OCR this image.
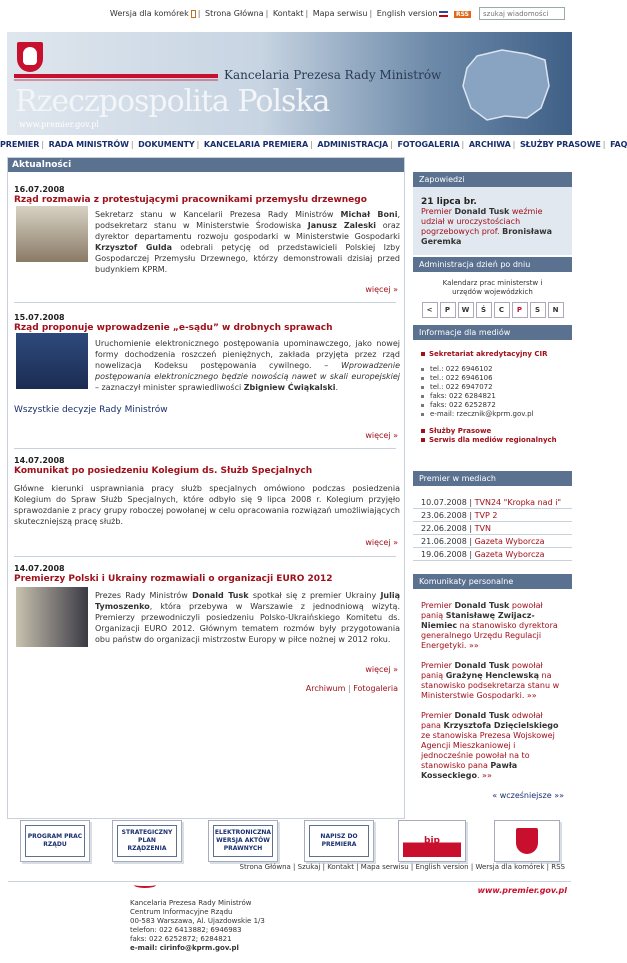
Wersja dla komórek | Strona Główna | Kontakt | Mapa serwisu | English version	RSS
szukaj wiadomości
Kancelaria Prezesa Rady Ministrów
Rzeczpospolita Polska
www.premier.gov.pl
PREMIER | RADA MINISTRÓW | DOKUMENTY | KANCELARIA PREMIERA | ADMINISTRACJA | FOTOGALERIA | ARCHIWA | SŁUŻBY PRASOWE | FAQ
Aktualności
16.07.2008
Rząd rozmawia z protestującymi pracownikami przemysłu drzewnego
Sekretarz stanu w Kancelarii Prezesa Rady Ministrów Michał Boni, podsekretarz stanu w Ministerstwie Środowiska Janusz Zaleski oraz dyrektor departamentu rozwoju gospodarki w Ministerstwie Gospodarki Krzysztof Gulda odebrali petycję od przedstawicieli Polskiej Izby Gospodarczej Przemysłu Drzewnego, którzy demonstrowali dzisiaj przed budynkiem KPRM.
więcej »
15.07.2008
Rząd proponuje wprowadzenie „e-sądu” w drobnych sprawach
Uruchomienie elektronicznego postępowania upominawczego, jako nowej formy dochodzenia roszczeń pieniężnych, zakłada przyjęta przez rząd nowelizacja Kodeksu postępowania cywilnego. – Wprowadzenie postępowania elektronicznego będzie nowością nawet w skali europejskiej – zaznaczył minister sprawiedliwości Zbigniew Ćwiąkalski.
Wszystkie decyzje Rady Ministrów
więcej »
14.07.2008
Komunikat po posiedzeniu Kolegium ds. Służb Specjalnych
Główne kierunki usprawniania pracy służb specjalnych omówiono podczas posiedzenia Kolegium do Spraw Służb Specjalnych, które odbyło się 9 lipca 2008 r. Kolegium przyjęło sprawozdanie z pracy grupy roboczej powołanej w celu opracowania rozwiązań umożliwiających skuteczniejszą pracę służb.
więcej »
14.07.2008
Premierzy Polski i Ukrainy rozmawiali o organizacji EURO 2012
Prezes Rady Ministrów Donald Tusk spotkał się z premier Ukrainy Julią Tymoszenko, która przebywa w Warszawie z jednodniową wizytą. Premierzy przewodniczyli posiedzeniu Polsko-Ukraińskiego Komitetu ds. Organizacji EURO 2012. Głównym tematem rozmów były przygotowania obu państw do organizacji mistrzostw Europy w piłce nożnej w 2012 roku.
więcej »
Archiwum | Fotogaleria
Zapowiedzi
21 lipca br.
Premier Donald Tusk weźmie udział w uroczystościach pogrzebowych prof. Bronisława Geremka
Administracja dzień po dniu
Kalendarz prac ministerstw i urzędów wojewódzkich
<	P	W	Ś	C	P	S	N
Informacje dla mediów
Sekretariat akredytacyjny CIR
tel.: 022 6946102
tel.: 022 6946106
tel.: 022 6947072
faks: 022 6284821
faks: 022 6252872
e-mail: rzecznik@kprm.gov.pl
Służby Prasowe
Serwis dla mediów regionalnych
Premier w mediach
10.07.2008 | TVN24 "Kropka nad i"
23.06.2008 | TVP 2
22.06.2008 | TVN
21.06.2008 | Gazeta Wyborcza
19.06.2008 | Gazeta Wyborcza
Komunikaty personalne
Premier Donald Tusk powołał panią Stanisławę Zwijacz-Niemiec na stanowisko dyrektora generalnego Urzędu Regulacji Energetyki. »»
Premier Donald Tusk powołał panią Grażynę Henclewską na stanowisko podsekretarza stanu w Ministerstwie Gospodarki. »»
Premier Donald Tusk odwołał pana Krzysztofa Dzięcielskiego ze stanowiska Prezesa Wojskowej Agencji Mieszkaniowej i jednocześnie powołał na to stanowisko pana Pawła Kosseckiego. »»
« wcześniejsze »»
PROGRAM PRAC RZĄDU
STRATEGICZNY PLAN RZĄDZENIA
ELEKTRONICZNA WERSJA AKTÓW PRAWNYCH
NAPISZ DO PREMIERA	bip
Strona Główna | Szukaj | Kontakt | Mapa serwisu | English version | Wersja dla komórek | RSS
www.premier.gov.pl
Kancelaria Prezesa Rady Ministrów
Centrum Informacyjne Rządu
00-583 Warszawa, Al. Ujazdowskie 1/3
telefon: 022 6413882; 6946983
faks: 022 6252872; 6284821
e-mail: cirinfo@kprm.gov.pl
